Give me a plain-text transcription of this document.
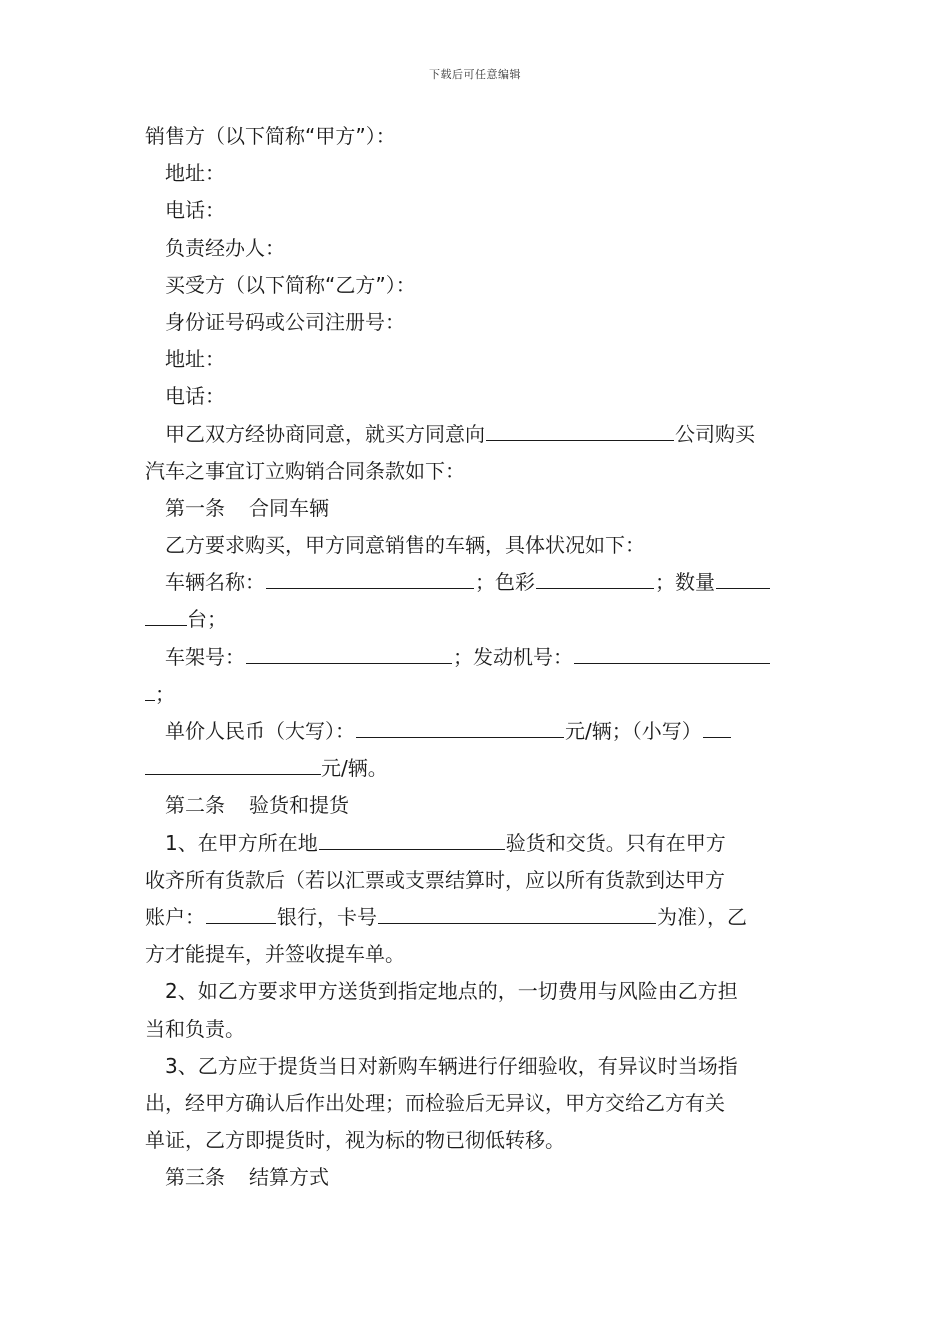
下载后可任意编辑
销售方（以下简称“甲方”）：
地址：
电话：
负责经办人：
买受方（以下简称“乙方”）：
身份证号码或公司注册号：
地址：
电话：
甲乙双方经协商同意，就买方同意向	公司购买
汽车之事宜订立购销合同条款如下：
第一条 合同车辆
乙方要求购买，甲方同意销售的车辆，具体状况如下：
车辆名称：	；色彩	；数量
台；
车架号：	；发动机号：
；
单价人民币（大写）：	元/辆；（小写）
元/辆。
第二条 验货和提货
1、在甲方所在地	验货和交货。只有在甲方
收齐所有货款后（若以汇票或支票结算时，应以所有货款到达甲方
账户：	银行，卡号	为准），乙
方才能提车，并签收提车单。
2、如乙方要求甲方送货到指定地点的，一切费用与风险由乙方担
当和负责。
3、乙方应于提货当日对新购车辆进行仔细验收，有异议时当场指
出，经甲方确认后作出处理；而检验后无异议，甲方交给乙方有关
单证，乙方即提货时，视为标的物已彻低转移。
第三条 结算方式
